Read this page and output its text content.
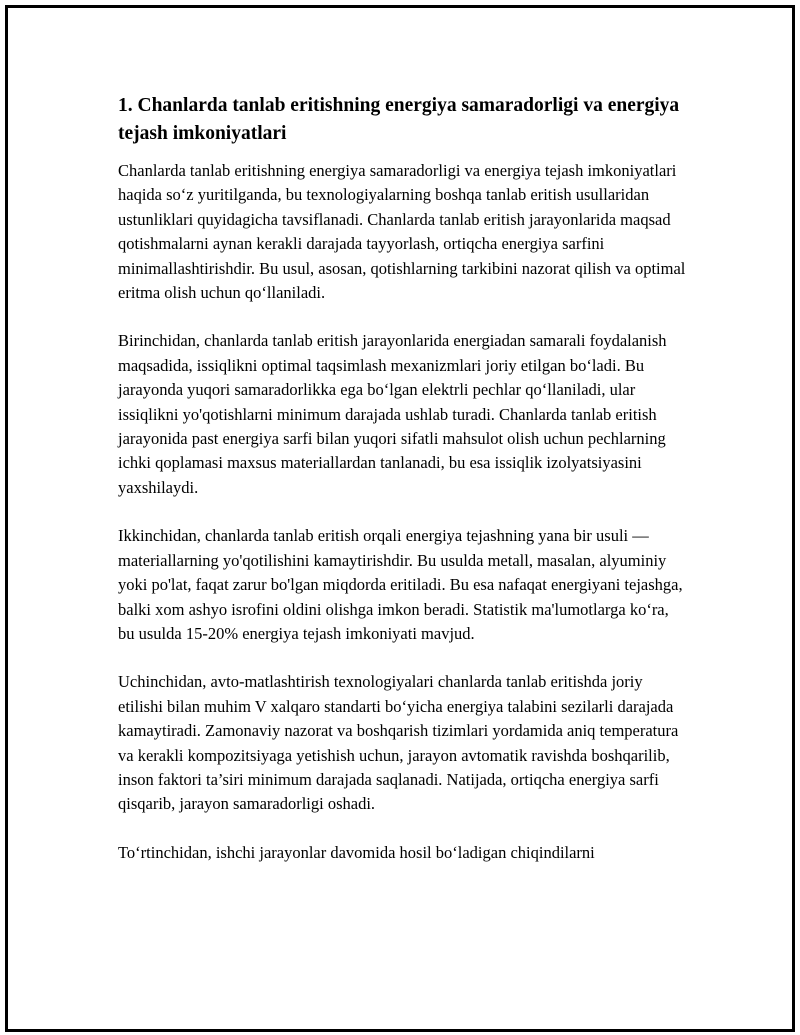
1. Chanlarda tanlab eritishning energiya samaradorligi va energiya tejash imkoniyatlari

Chanlarda tanlab eritishning energiya samaradorligi va energiya tejash imkoniyatlari haqida so‘z yuritilganda, bu texnologiyalarning boshqa tanlab eritish usullaridan ustunliklari quyidagicha tavsiflanadi. Chanlarda tanlab eritish jarayonlarida maqsad qotishmalarni aynan kerakli darajada tayyorlash, ortiqcha energiya sarfini minimallashtirishdir. Bu usul, asosan, qotishlarning tarkibini nazorat qilish va optimal eritma olish uchun qo‘llaniladi.

Birinchidan, chanlarda tanlab eritish jarayonlarida energiadan samarali foydalanish maqsadida, issiqlikni optimal taqsimlash mexanizmlari joriy etilgan bo‘ladi. Bu jarayonda yuqori samaradorlikka ega bo‘lgan elektrli pechlar qo‘llaniladi, ular issiqlikni yo'qotishlarni minimum darajada ushlab turadi. Chanlarda tanlab eritish jarayonida past energiya sarfi bilan yuqori sifatli mahsulot olish uchun pechlarning ichki qoplamasi maxsus materiallardan tanlanadi, bu esa issiqlik izolyatsiyasini yaxshilaydi.

Ikkinchidan, chanlarda tanlab eritish orqali energiya tejashning yana bir usuli — materiallarning yo'qotilishini kamaytirishdir. Bu usulda metall, masalan, alyuminiy yoki po'lat, faqat zarur bo'lgan miqdorda eritiladi. Bu esa nafaqat energiyani tejashga, balki xom ashyo isrofini oldini olishga imkon beradi. Statistik ma'lumotlarga ko‘ra, bu usulda 15-20% energiya tejash imkoniyati mavjud.

Uchinchidan, avto-matlashtirish texnologiyalari chanlarda tanlab eritishda joriy etilishi bilan muhim V xalqaro standarti bo‘yicha energiya talabini sezilarli darajada kamaytiradi. Zamonaviy nazorat va boshqarish tizimlari yordamida aniq temperatura va kerakli kompozitsiyaga yetishish uchun, jarayon avtomatik ravishda boshqarilib, inson faktori ta’siri minimum darajada saqlanadi. Natijada, ortiqcha energiya sarfi qisqarib, jarayon samaradorligi oshadi.

To‘rtinchidan, ishchi jarayonlar davomida hosil bo‘ladigan chiqindilarni
